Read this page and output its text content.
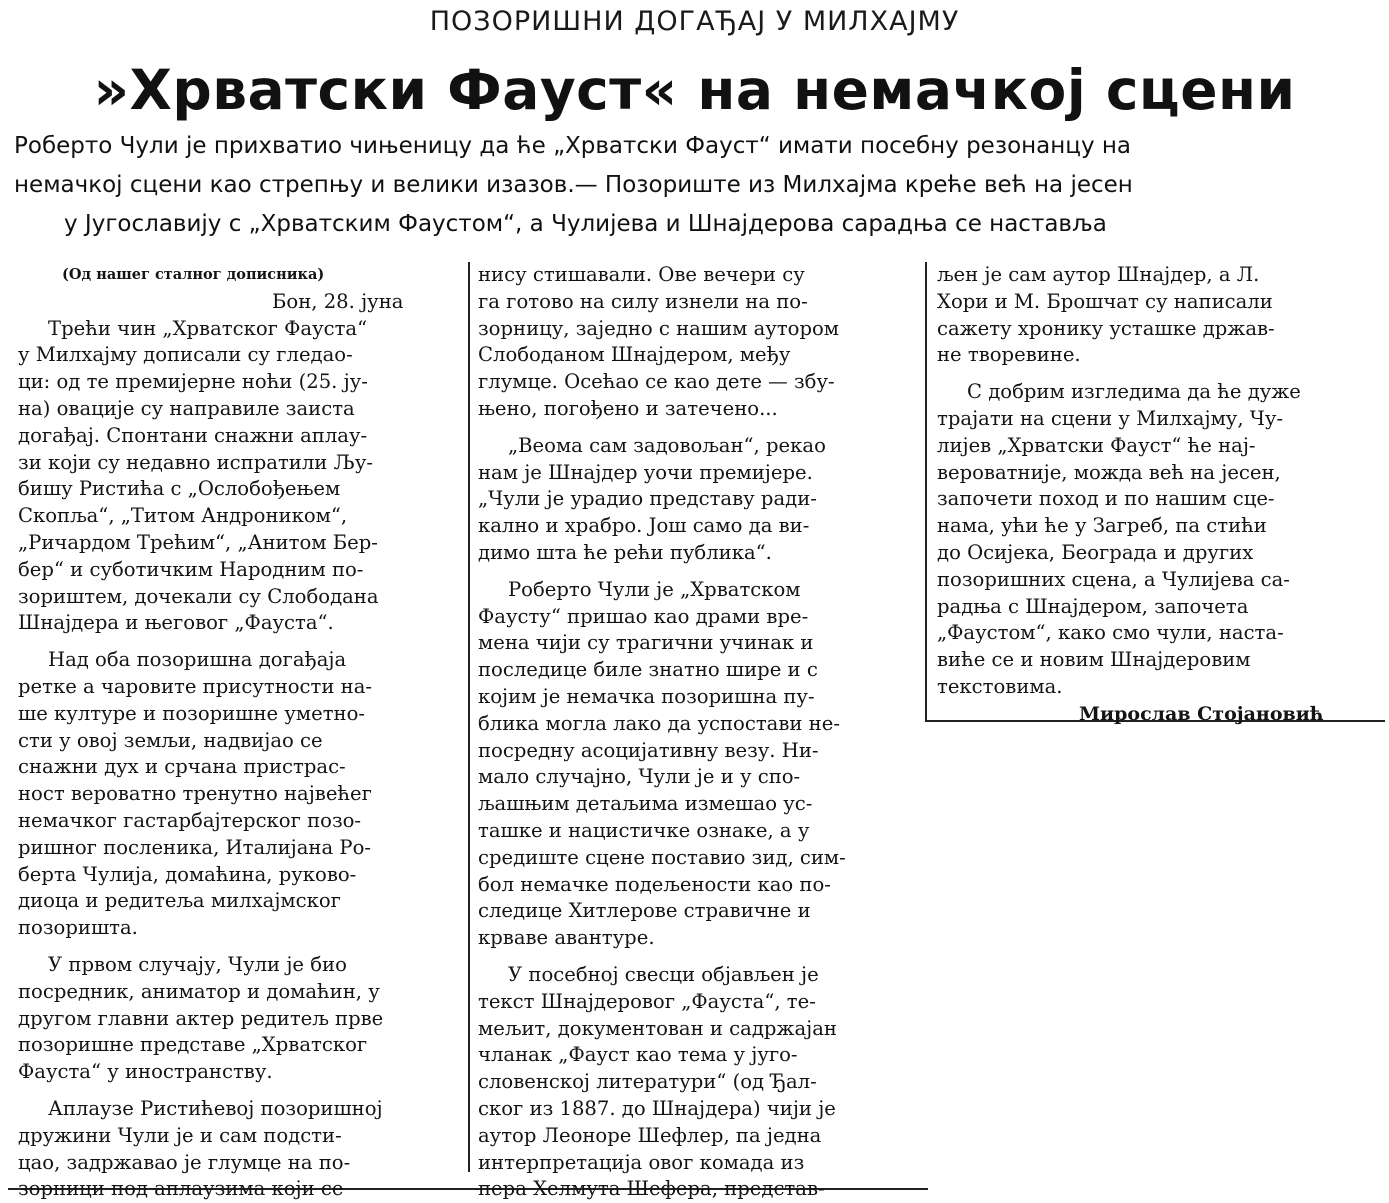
ПОЗОРИШНИ ДОГАЂАЈ У МИЛХАЈМУ
»Хрватски Фауст« на немачкој сцени
Роберто Чули је прихватио чињеницу да ће „Хрватски Фауст“ имати посебну резонанцу на
немачкој сцени као стрепњу и велики изазов.— Позориште из Милхајма креће већ на јесен
у Југославију с „Хрватским Фаустом“, а Чулијева и Шнајдерова сарадња се наставља
(Од нашег сталног дописника)
Бон, 28. јуна

Трећи чин „Хрватског Фауста“
у Милхајму дописали су гледао-
ци: од те премијерне ноћи (25. ју-
на) овације су направиле заиста
догађај. Спонтани снажни аплау-
зи који су недавно испратили Љу-
бишу Ристића с „Ослобођењем
Скопља“, „Титом Андроником“,
„Ричардом Трећим“, „Анитом Бер-
бер“ и суботичким Народним по-
зориштем, дочекали су Слободана
Шнајдера и његовог „Фауста“.

Над оба позоришна догађаја
ретке а чаровите присутности на-
ше културе и позоришне уметно-
сти у овој земљи, надвијао се
снажни дух и срчана пристрас-
ност вероватно тренутно највећег
немачког гастарбајтерског позо-
ришног посленика, Италијана Ро-
берта Чулија, домаћина, руково-
диоца и редитеља милхајмског
позоришта.

У првом случају, Чули је био
посредник, аниматор и домаћин, у
другом главни актер редитељ прве
позоришне представе „Хрватског
Фауста“ у иностранству.

Аплаузе Ристићевој позоришној
дружини Чули је и сам подсти-
цао, задржавао је глумце на по-
зорници под аплаузима који се

нису стишавали. Ове вечери су
га готово на силу изнели на по-
зорницу, заједно с нашим аутором
Слободаном Шнајдером, међу
глумце. Осећао се као дете — збу-
њено, погођено и затечено...

„Веома сам задовољан“, рекао
нам је Шнајдер уочи премијере.
„Чули је урадио представу ради-
кално и храбро. Још само да ви-
димо шта ће рећи публика“.

Роберто Чули је „Хрватском
Фаусту“ пришао као драми вре-
мена чији су трагични учинак и
последице биле знатно шире и с
којим је немачка позоришна пу-
блика могла лако да успостави не-
посредну асоцијативну везу. Ни-
мало случајно, Чули је и у спо-
љашњим детаљима измешао ус-
ташке и нацистичке ознаке, а у
средиште сцене поставио зид, сим-
бол немачке подељености као по-
следице Хитлерове стравичне и
крваве авантуре.

У посебној свесци објављен је
текст Шнајдеровог „Фауста“, те-
мељит, документован и садржајан
чланак „Фауст као тема у југо-
словенској литератури“ (од Ђал-
ског из 1887. до Шнајдера) чији је
аутор Леоноре Шефлер, па једна
интерпретација овог комада из
пера Хелмута Шефера, представ-

љен је сам аутор Шнајдер, а Л.
Хори и М. Брошчат су написали
сажету хронику усташке држав-
не творевине.

С добрим изгледима да ће дуже
трајати на сцени у Милхајму, Чу-
лијев „Хрватски Фауст“ ће нај-
вероватније, можда већ на јесен,
започети поход и по нашим сце-
нама, ући ће у Загреб, па стићи
до Осијека, Београда и других
позоришних сцена, а Чулијева са-
радња с Шнајдером, започета
„Фаустом“, како смо чули, наста-
виће се и новим Шнајдеровим
текстовима.

Мирослав Стојановић
